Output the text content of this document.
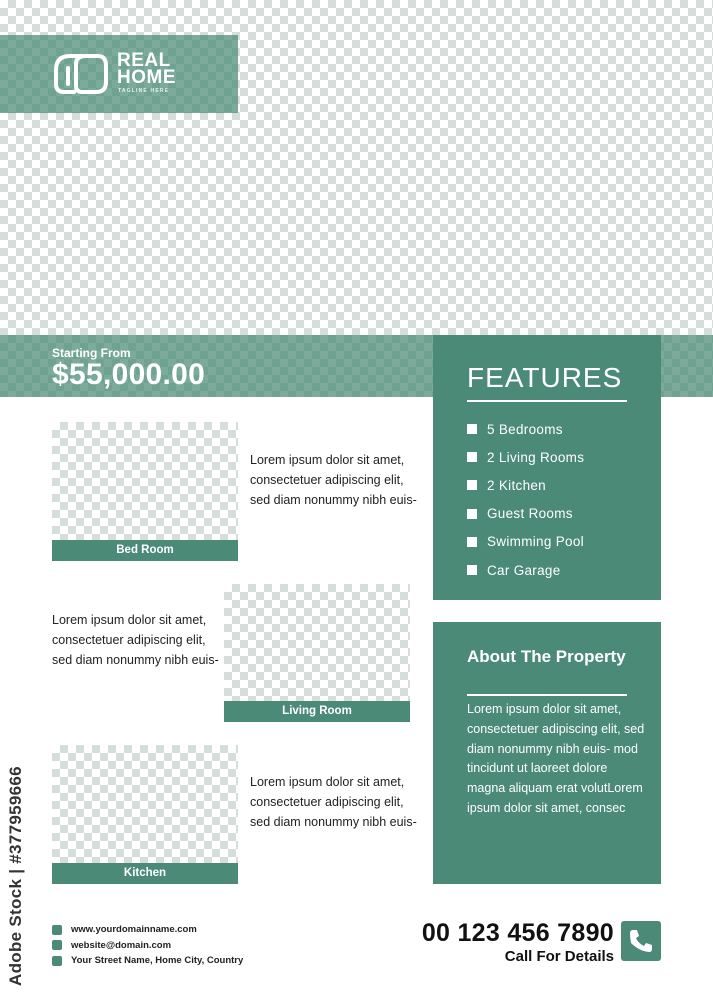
REAL
HOME
TAGLINE HERE
Starting From
$55,000.00	FEATURES
5 Bedrooms
2 Living Rooms
2 Kitchen
Guest Rooms
Swimming Pool
Car Garage
About The Property

Lorem ipsum dolor sit amet, consectetuer adipiscing elit, sed diam nonummy nibh euis- mod tincidunt ut laoreet dolore magna aliquam erat volutLorem ipsum dolor sit amet, consec

Bed Room
Lorem ipsum dolor sit amet, consectetuer adipiscing elit, sed diam nonummy nibh euis-
Living Room
Lorem ipsum dolor sit amet, consectetuer adipiscing elit, sed diam nonummy nibh euis-
Kitchen
Lorem ipsum dolor sit amet, consectetuer adipiscing elit, sed diam nonummy nibh euis-
www.yourdomainname.com
website@domain.com
Your Street Name, Home City, Country
00 123 456 7890
Call For Details
Adobe Stock | #377959666
